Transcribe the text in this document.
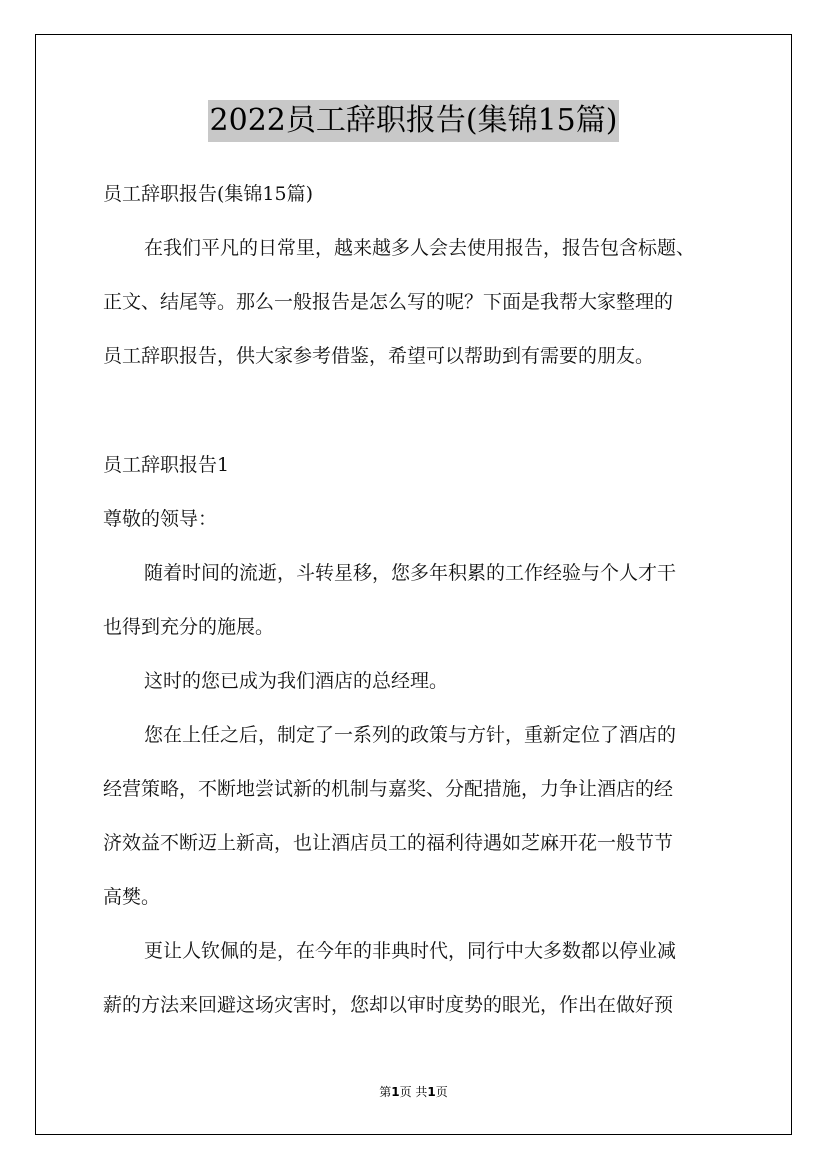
2022员工辞职报告(集锦15篇)
员工辞职报告(集锦15篇)
在我们平凡的日常里，越来越多人会去使用报告，报告包含标题、
正文、结尾等。那么一般报告是怎么写的呢？下面是我帮大家整理的
员工辞职报告，供大家参考借鉴，希望可以帮助到有需要的朋友。
员工辞职报告1
尊敬的领导：
随着时间的流逝，斗转星移，您多年积累的工作经验与个人才干
也得到充分的施展。
这时的您已成为我们酒店的总经理。
您在上任之后，制定了一系列的政策与方针，重新定位了酒店的
经营策略，不断地尝试新的机制与嘉奖、分配措施，力争让酒店的经
济效益不断迈上新高，也让酒店员工的福利待遇如芝麻开花一般节节
高樊。
更让人钦佩的是，在今年的非典时代，同行中大多数都以停业减
薪的方法来回避这场灾害时，您却以审时度势的眼光，作出在做好预
第1页 共1页
